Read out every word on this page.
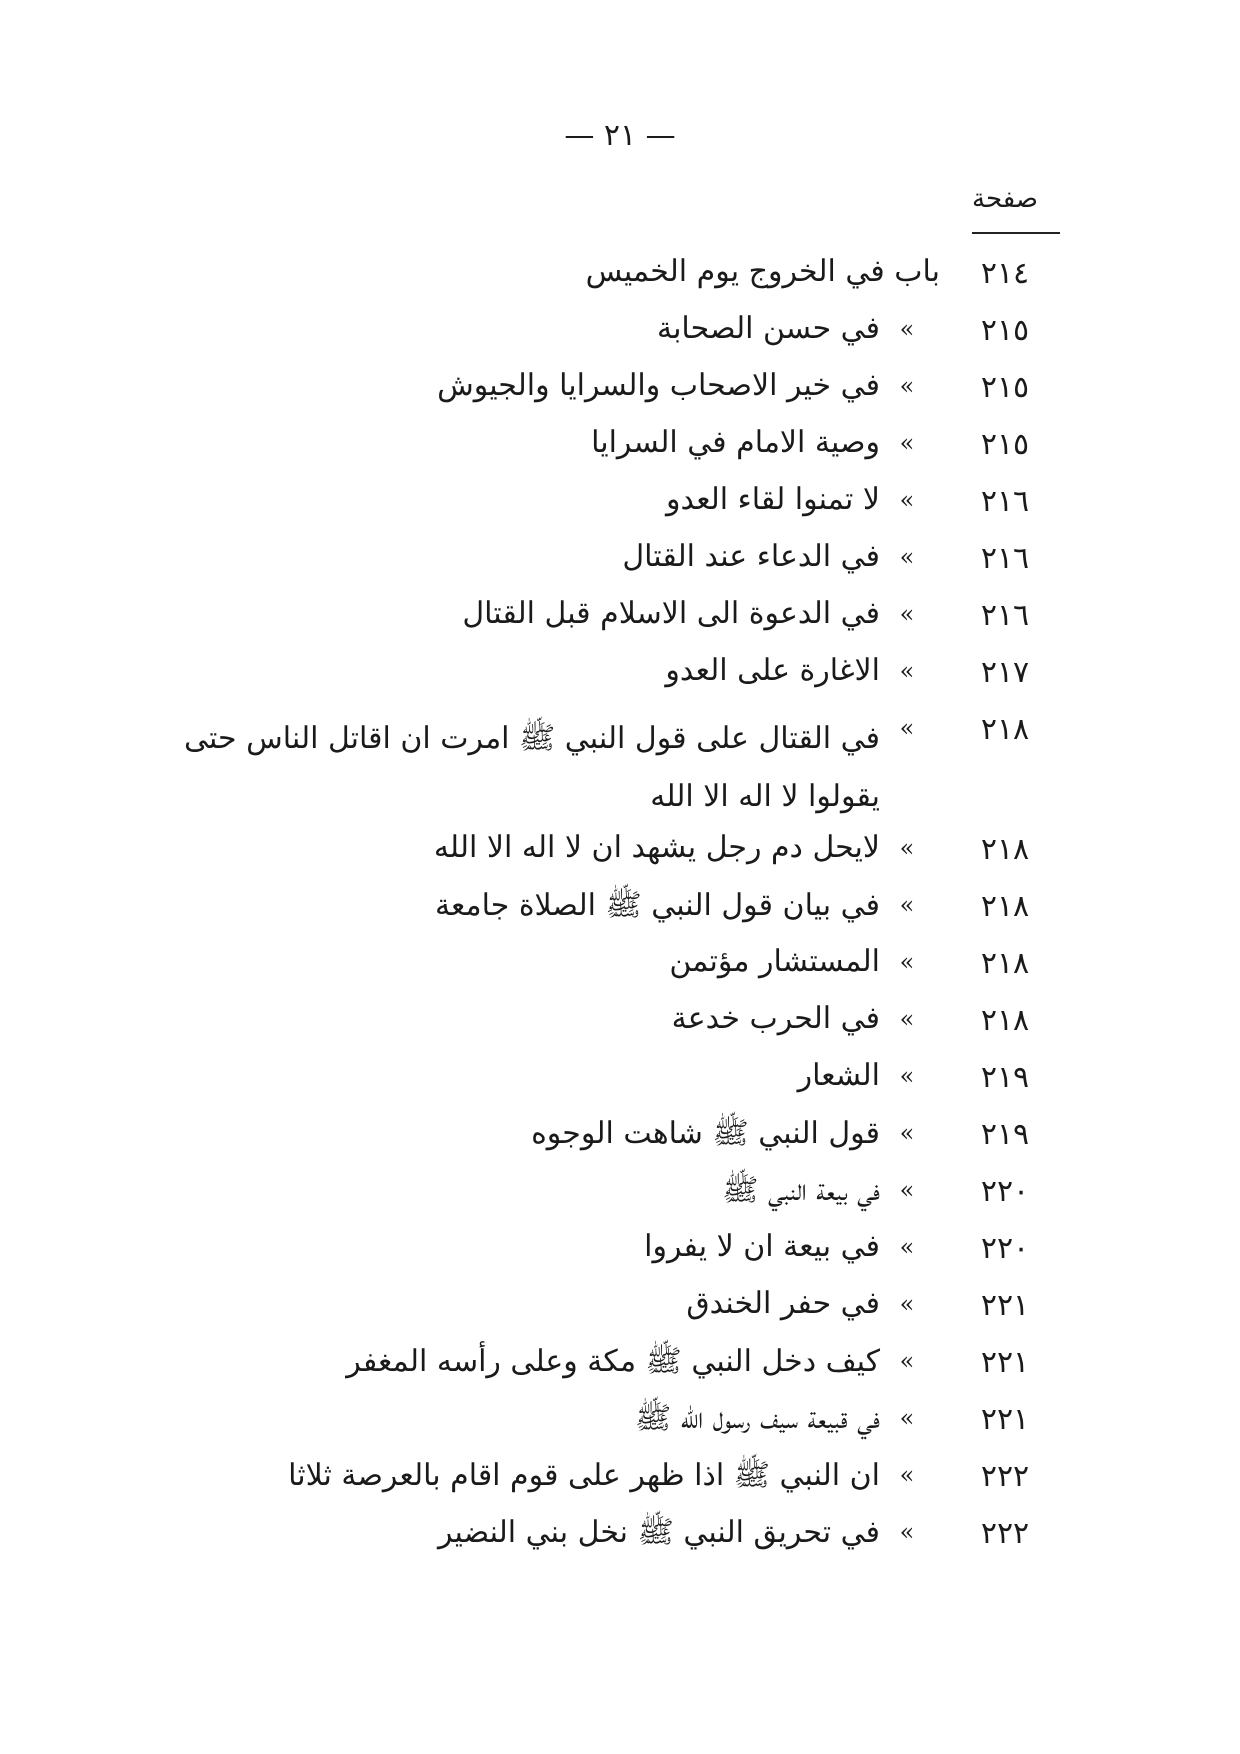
— ٢١ —
صفحة
٢١٤
باب في الخروج يوم الخميس
٢١٥
»
في حسن الصحابة
٢١٥
»
في خير الاصحاب والسرايا والجيوش
٢١٥
»
وصية الامام في السرايا
٢١٦
»
لا تمنوا لقاء العدو
٢١٦
»
في الدعاء عند القتال
٢١٦
»
في الدعوة الى الاسلام قبل القتال
٢١٧
»
الاغارة على العدو
٢١٨
»
في القتال على قول النبي ﷺ امرت ان اقاتل الناس حتى يقولوا لا اله الا الله
٢١٨
»
لايحل دم رجل يشهد ان لا اله الا الله
٢١٨
»
في بيان قول النبي ﷺ الصلاة جامعة
٢١٨
»
المستشار مؤتمن
٢١٨
»
في الحرب خدعة
٢١٩
»
الشعار
٢١٩
»
قول النبي ﷺ شاهت الوجوه
٢٢٠
»
في بيعة النبي ﷺ
٢٢٠
»
في بيعة ان لا يفروا
٢٢١
»
في حفر الخندق
٢٢١
»
كيف دخل النبي ﷺ مكة وعلى رأسه المغفر
٢٢١
»
في قبيعة سيف رسول الله ﷺ
٢٢٢
»
ان النبي ﷺ اذا ظهر على قوم اقام بالعرصة ثلاثا
٢٢٢
»
في تحريق النبي ﷺ نخل بني النضير
